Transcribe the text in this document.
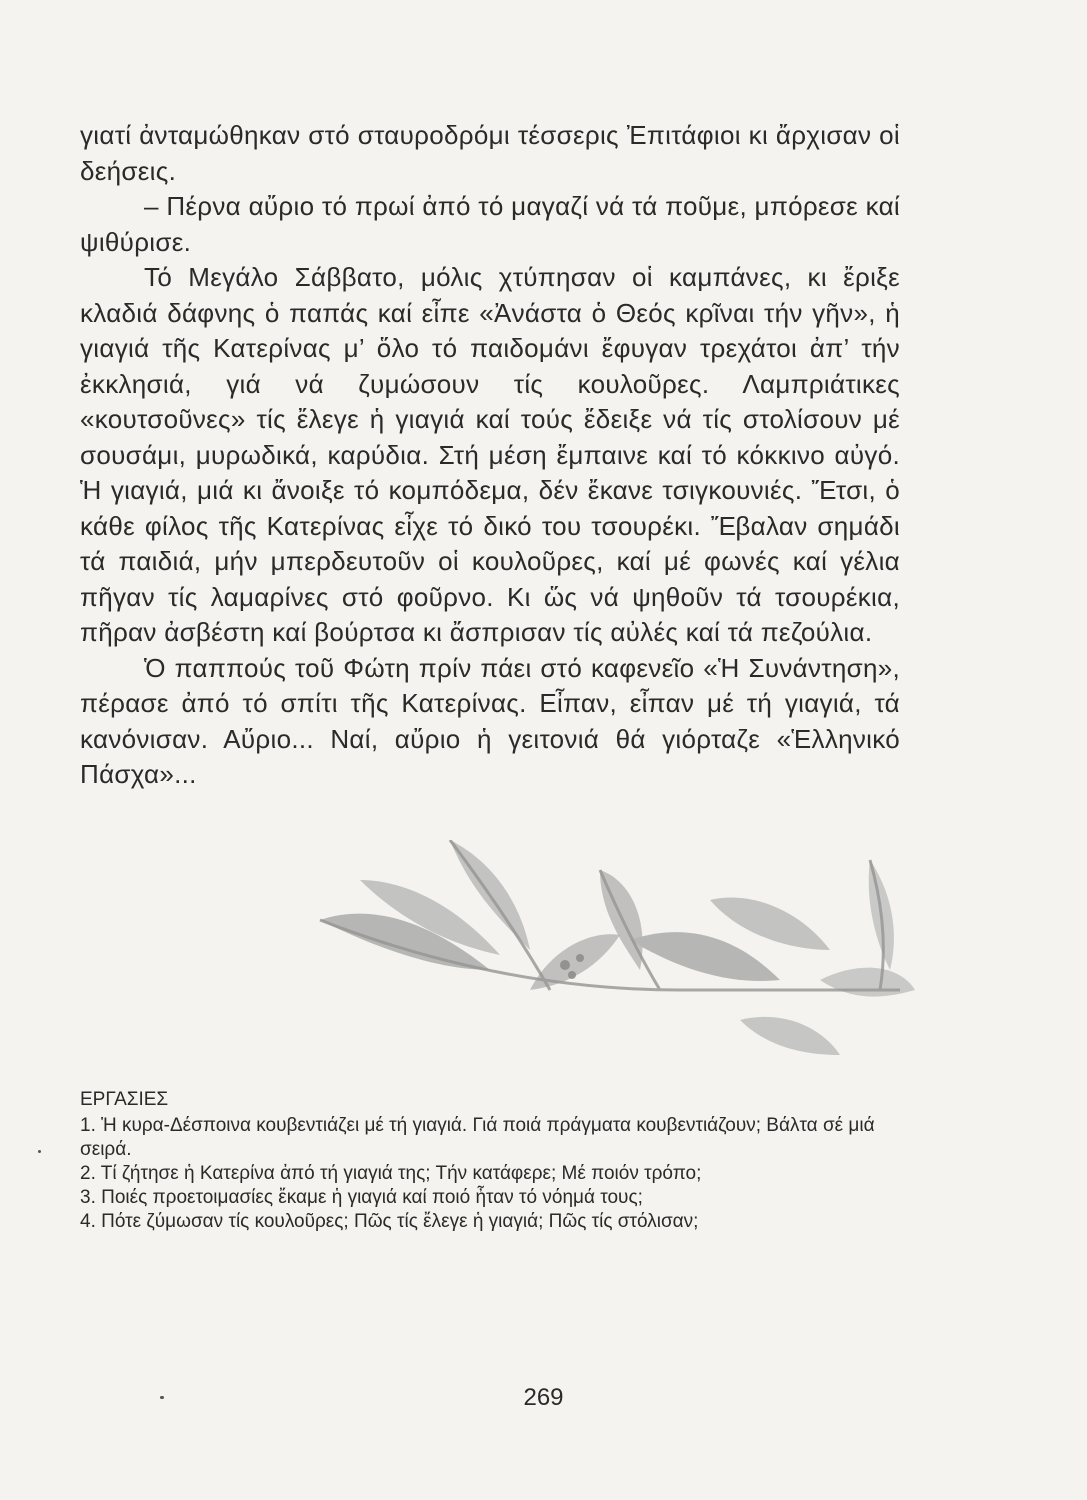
γιατί ἀνταμώθηκαν στό σταυροδρόμι τέσσερις Ἐπιτάφιοι κι ἄρχισαν οἱ δεήσεις.

– Πέρνα αὔριο τό πρωί ἀπό τό μαγαζί νά τά ποῦμε, μπόρεσε καί ψιθύρισε.

Τό Μεγάλο Σάββατο, μόλις χτύπησαν οἱ καμπάνες, κι ἔριξε κλαδιά δάφνης ὁ παπάς καί εἶπε «Ἀνάστα ὁ Θεός κρῖναι τήν γῆν», ἡ γιαγιά τῆς Κατερίνας μ’ ὅλο τό παιδομάνι ἔφυγαν τρεχάτοι ἀπ’ τήν ἐκκλησιά, γιά νά ζυμώσουν τίς κουλοῦρες. Λαμπριάτικες «κουτσοῦνες» τίς ἔλεγε ἡ γιαγιά καί τούς ἔδειξε νά τίς στολίσουν μέ σουσάμι, μυρωδικά, καρύδια. Στή μέση ἔμπαινε καί τό κόκκινο αὐγό. Ἡ γιαγιά, μιά κι ἄνοιξε τό κομπόδεμα, δέν ἔκανε τσιγκουνιές. Ἔτσι, ὁ κάθε φίλος τῆς Κατερίνας εἶχε τό δικό του τσουρέκι. Ἔβαλαν σημάδι τά παιδιά, μήν μπερδευτοῦν οἱ κουλοῦρες, καί μέ φωνές καί γέλια πῆγαν τίς λαμαρίνες στό φοῦρνο. Κι ὥς νά ψηθοῦν τά τσουρέκια, πῆραν ἀσβέστη καί βούρτσα κι ἄσπρισαν τίς αὐλές καί τά πεζούλια.

Ὁ παππούς τοῦ Φώτη πρίν πάει στό καφενεῖο «Ἡ Συνάντηση», πέρασε ἀπό τό σπίτι τῆς Κατερίνας. Εἶπαν, εἶπαν μέ τή γιαγιά, τά κανόνισαν. Αὔριο... Ναί, αὔριο ἡ γειτονιά θά γιόρταζε «Ἑλληνικό Πάσχα»...

ΕΡΓΑΣΙΕΣ
1. Ἡ κυρα-Δέσποινα κουβεντιάζει μέ τή γιαγιά. Γιά ποιά πράγματα κουβεντιάζουν; Βάλτα σέ μιά σειρά.
2. Τί ζήτησε ἡ Κατερίνα ἀπό τή γιαγιά της; Τήν κατάφερε; Μέ ποιόν τρόπο;
3. Ποιές προετοιμασίες ἔκαμε ἡ γιαγιά καί ποιό ἦταν τό νόημά τους;
4. Πότε ζύμωσαν τίς κουλοῦρες; Πῶς τίς ἔλεγε ἡ γιαγιά; Πῶς τίς στόλισαν;
269
